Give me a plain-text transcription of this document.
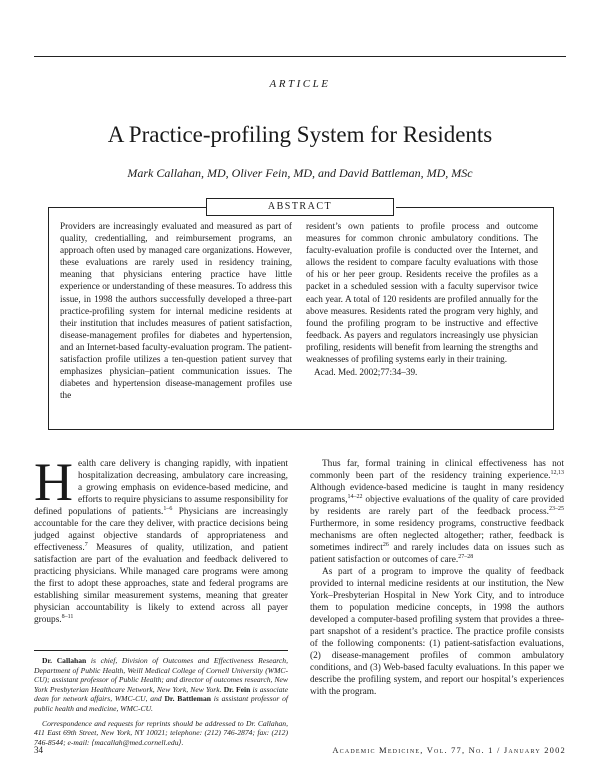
ARTICLE
A Practice-profiling System for Residents
Mark Callahan, MD, Oliver Fein, MD, and David Battleman, MD, MSc
ABSTRACT
Providers are increasingly evaluated and measured as part of quality, credentialling, and reimbursement programs, an approach often used by managed care organizations. However, these evaluations are rarely used in residency training, meaning that physicians entering practice have little experience or understanding of these measures. To address this issue, in 1998 the authors successfully developed a three-part practice-profiling system for internal medicine residents at their institution that includes measures of patient satisfaction, disease-management profiles for diabetes and hypertension, and an Internet-based faculty-evaluation program. The patient-satisfaction profile utilizes a ten-question patient survey that emphasizes physician–patient communication issues. The diabetes and hypertension disease-management profiles use the
resident’s own patients to profile process and outcome measures for common chronic ambulatory conditions. The faculty-evaluation profile is conducted over the Internet, and allows the resident to compare faculty evaluations with those of his or her peer group. Residents receive the profiles as a packet in a scheduled session with a faculty supervisor twice each year. A total of 120 residents are profiled annually for the above measures. Residents rated the program very highly, and found the profiling program to be instructive and effective feedback. As payers and regulators increasingly use physician profiling, residents will benefit from learning the strengths and weaknesses of profiling systems early in their training.
Acad. Med. 2002;77:34–39.

Health care delivery is changing rapidly, with inpatient hospitalization decreasing, ambulatory care increasing, a growing emphasis on evidence-based medicine, and efforts to require physicians to assume responsibility for defined populations of patients.$^{1-6}$ Physicians are increasingly accountable for the care they deliver, with practice decisions being judged against objective standards of appropriateness and effectiveness.$^7$ Measures of quality, utilization, and patient satisfaction are part of the evaluation and feedback delivered to practicing physicians. While managed care programs were among the first to adopt these approaches, state and federal programs are establishing similar measurement systems, meaning that greater physician accountability is likely to extend across all payer groups.$^{8-11}$

Thus far, formal training in clinical effectiveness has not commonly been part of the residency training experience.$^{12,13}$ Although evidence-based medicine is taught in many residency programs,$^{14-22}$ objective evaluations of the quality of care provided by residents are rarely part of the feedback process.$^{23-25}$ Furthermore, in some residency programs, constructive feedback mechanisms are often neglected altogether; rather, feedback is sometimes indirect$^{26}$ and rarely includes data on issues such as patient satisfaction or outcomes of care.$^{27-28}$

As part of a program to improve the quality of feedback provided to internal medicine residents at our institution, the New York–Presbyterian Hospital in New York City, and to introduce them to population medicine concepts, in 1998 the authors developed a computer-based profiling system that provides a three-part snapshot of a resident’s practice. The practice profile consists of the following components: (1) patient-satisfaction evaluations, (2) disease-management profiles of common ambulatory conditions, and (3) Web-based faculty evaluations. In this paper we describe the profiling system, and report our hospital’s experiences with the program.

Dr. Callahan is chief, Division of Outcomes and Effectiveness Research, Department of Public Health, Weill Medical College of Cornell University (WMC-CU); assistant professor of Public Health; and director of outcomes research, New York Presbyterian Healthcare Network, New York, New York. Dr. Fein is associate dean for network affairs, WMC-CU, and Dr. Battleman is assistant professor of public health and medicine, WMC-CU.

Correspondence and requests for reprints should be addressed to Dr. Callahan, 411 East 69th Street, New York, NY 10021; telephone: (212) 746-2874; fax: (212) 746-8544; e-mail: ⟨macallah@med.cornell.edu⟩.

34	Academic Medicine, Vol. 77, No. 1 / January 2002
